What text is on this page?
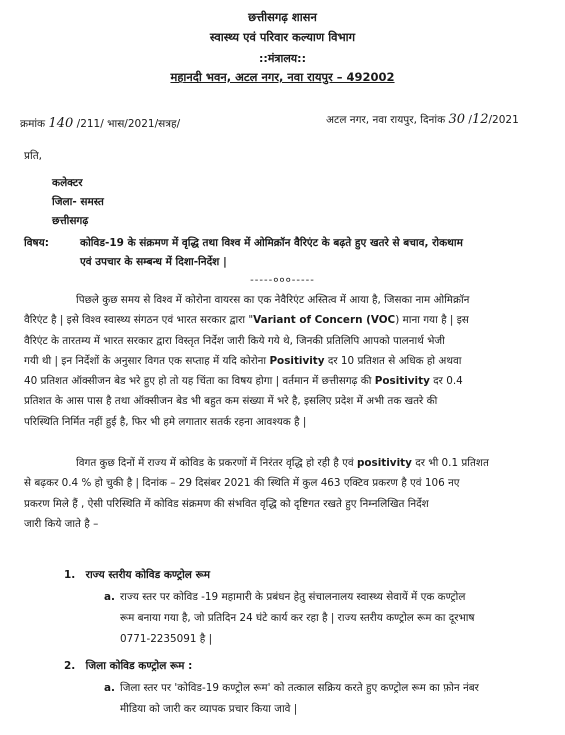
छत्तीसगढ़ शासन
स्वास्थ्य एवं परिवार कल्याण विभाग
::मंत्रालय::
महानदी भवन, अटल नगर, नवा रायपुर – 492002
क्रमांक 140 /211/ भास/2021/सत्रह/	अटल नगर, नवा रायपुर, दिनांक 30 /12/2021
प्रति,
कलेक्टर
जिला- समस्त
छत्तीसगढ़
विषय:	कोविड-19 के संक्रमण में वृद्धि तथा विश्व में ओमिक्रॉन वैरिएंट के बढ़ते हुए खतरे से बचाव, रोकथाम
एवं उपचार के सम्बन्ध में दिशा-निर्देश |
-----०००-----
पिछले कुछ समय से विश्व में कोरोना वायरस का एक नेवैरिएंट अस्तित्व में आया है, जिसका नाम ओमिक्रॉन
वैरिएंट है | इसे विश्व स्वास्थ्य संगठन एवं भारत सरकार द्वारा "Variant of Concern (VOC) माना गया है | इस
वैरिएंट के तारतम्य में भारत सरकार द्वारा विस्तृत निर्देश जारी किये गये थे, जिनकी प्रतिलिपि आपको पालनार्थ भेजी
गयी थी | इन निर्देशों के अनुसार विगत एक सप्ताह में यदि कोरोना Positivity दर 10 प्रतिशत से अधिक हो अथवा
40 प्रतिशत ऑक्सीजन बेड भरे हुए हो तो यह चिंता का विषय होगा | वर्तमान में छत्तीसगढ़ की Positivity दर 0.4
प्रतिशत के आस पास है तथा ऑक्सीजन बेड भी बहुत कम संख्या में भरे है, इसलिए प्रदेश में अभी तक खतरे की
परिस्थिति निर्मित नहीं हुई है, फिर भी हमे लगातार सतर्क रहना आवश्यक है |
विगत कुछ दिनों में राज्य में कोविड के प्रकरणों में निरंतर वृद्धि हो रही है एवं positivity दर भी 0.1 प्रतिशत
से बढ़कर 0.4 % हो चुकी है | दिनांक – 29 दिसंबर 2021 की स्थिति में कुल 463 एक्टिव प्रकरण है एवं 106 नए
प्रकरण मिले हैं , ऐसी परिस्थिति में कोविड संक्रमण की संभवित वृद्धि को दृष्टिगत रखते हुए निम्नलिखित निर्देश
जारी किये जाते है –
1. राज्य स्तरीय कोविड कण्ट्रोल रूम
a. राज्य स्तर पर कोविड -19 महामारी के प्रबंधन हेतु संचालनालय स्वास्थ्य सेवायें में एक कण्ट्रोल
रूम बनाया गया है, जो प्रतिदिन 24 घंटे कार्य कर रहा है | राज्य स्तरीय कण्ट्रोल रूम का दूरभाष
0771-2235091 है |
2. जिला कोविड कण्ट्रोल रूम :
a. जिला स्तर पर 'कोविड-19 कण्ट्रोल रूम' को तत्काल सक्रिय करते हुए कण्ट्रोल रूम का फ़ोन नंबर
मीडिया को जारी कर व्यापक प्रचार किया जावे |
